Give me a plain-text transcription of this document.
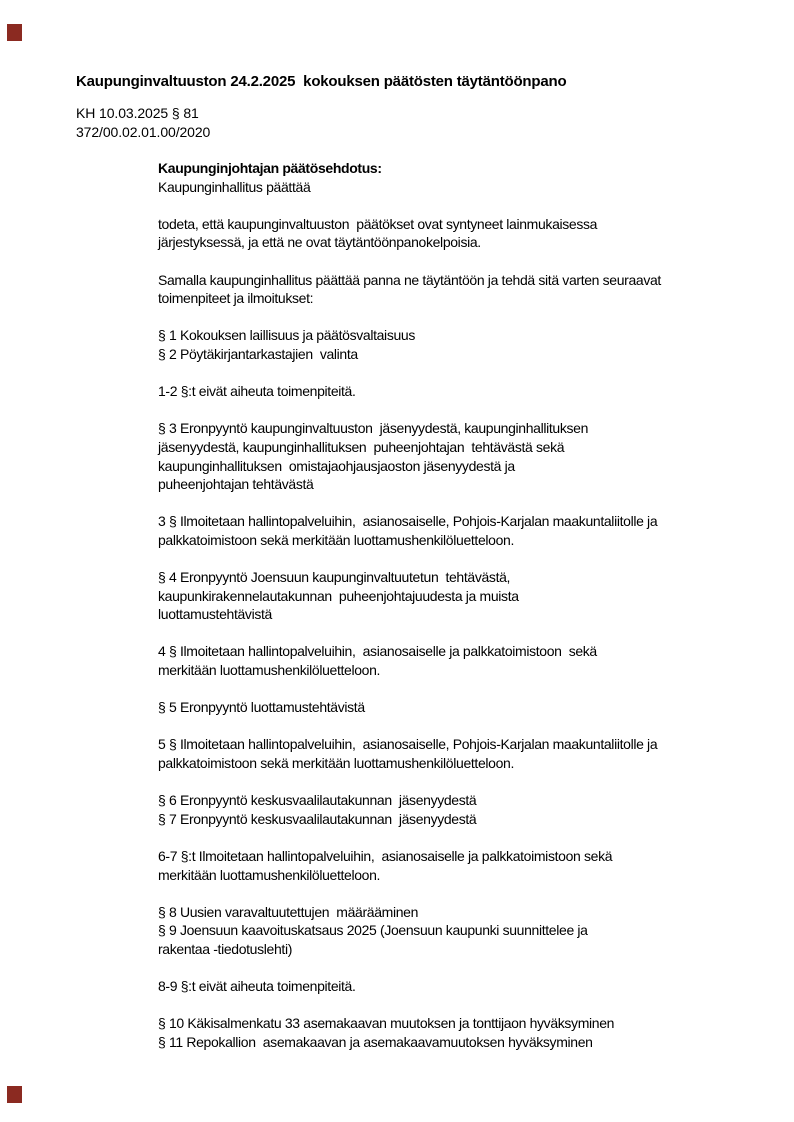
Kaupunginvaltuuston 24.2.2025  kokouksen päätösten täytäntöönpano
KH 10.03.2025 § 81
372/00.02.01.00/2020
Kaupunginjohtajan päätösehdotus:
Kaupunginhallitus päättää
todeta, että kaupunginvaltuuston  päätökset ovat syntyneet lainmukaisessa
järjestyksessä, ja että ne ovat täytäntöönpanokelpoisia.
Samalla kaupunginhallitus päättää panna ne täytäntöön ja tehdä sitä varten seuraavat
toimenpiteet ja ilmoitukset:
§ 1 Kokouksen laillisuus ja päätösvaltaisuus
§ 2 Pöytäkirjantarkastajien  valinta
1-2 §:t eivät aiheuta toimenpiteitä.
§ 3 Eronpyyntö kaupunginvaltuuston  jäsenyydestä, kaupunginhallituksen
jäsenyydestä, kaupunginhallituksen  puheenjohtajan  tehtävästä sekä
kaupunginhallituksen  omistajaohjausjaoston jäsenyydestä ja
puheenjohtajan tehtävästä
3 § Ilmoitetaan hallintopalveluihin,  asianosaiselle, Pohjois-Karjalan maakuntaliitolle ja
palkkatoimistoon sekä merkitään luottamushenkilöluetteloon.
§ 4 Eronpyyntö Joensuun kaupunginvaltuutetun  tehtävästä,
kaupunkirakennelautakunnan  puheenjohtajuudesta ja muista
luottamustehtävistä
4 § Ilmoitetaan hallintopalveluihin,  asianosaiselle ja palkkatoimistoon  sekä
merkitään luottamushenkilöluetteloon.
§ 5 Eronpyyntö luottamustehtävistä
5 § Ilmoitetaan hallintopalveluihin,  asianosaiselle, Pohjois-Karjalan maakuntaliitolle ja
palkkatoimistoon sekä merkitään luottamushenkilöluetteloon.
§ 6 Eronpyyntö keskusvaalilautakunnan  jäsenyydestä
§ 7 Eronpyyntö keskusvaalilautakunnan  jäsenyydestä
6-7 §:t Ilmoitetaan hallintopalveluihin,  asianosaiselle ja palkkatoimistoon sekä
merkitään luottamushenkilöluetteloon.
§ 8 Uusien varavaltuutettujen  määrääminen
§ 9 Joensuun kaavoituskatsaus 2025 (Joensuun kaupunki suunnittelee ja
rakentaa -tiedotuslehti)
8-9 §:t eivät aiheuta toimenpiteitä.
§ 10 Käkisalmenkatu 33 asemakaavan muutoksen ja tonttijaon hyväksyminen
§ 11 Repokallion  asemakaavan ja asemakaavamuutoksen hyväksyminen
